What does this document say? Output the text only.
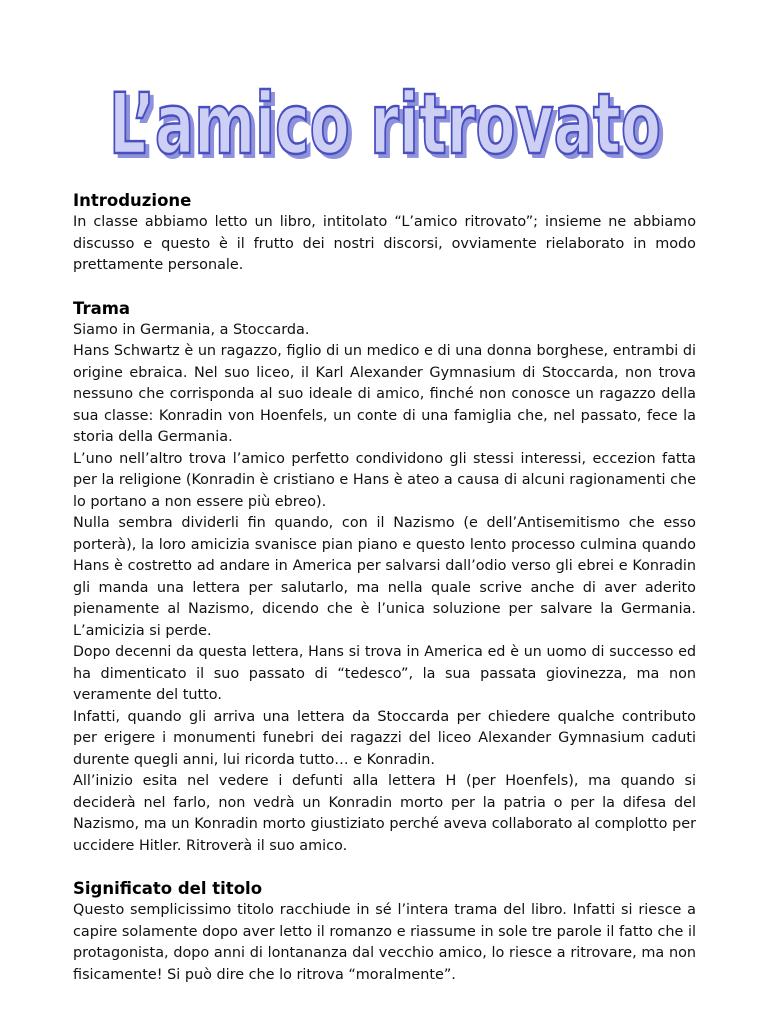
L’amico ritrovato
L’amico ritrovato
Introduzione

In classe abbiamo letto un libro, intitolato “L’amico ritrovato”; insieme ne abbiamo
discusso e questo è il frutto dei nostri discorsi, ovviamente rielaborato in modo
prettamente personale.

Trama

Siamo in Germania, a Stoccarda.

Hans Schwartz è un ragazzo, figlio di un medico e di una donna borghese, entrambi di
origine ebraica. Nel suo liceo, il Karl Alexander Gymnasium di Stoccarda, non trova
nessuno che corrisponda al suo ideale di amico, finché non conosce un ragazzo della
sua classe: Konradin von Hoenfels, un conte di una famiglia che, nel passato, fece la
storia della Germania.

L’uno nell’altro trova l’amico perfetto condividono gli stessi interessi, eccezion fatta
per la religione (Konradin è cristiano e Hans è ateo a causa di alcuni ragionamenti che
lo portano a non essere più ebreo).

Nulla sembra dividerli fin quando, con il Nazismo (e dell’Antisemitismo che esso
porterà), la loro amicizia svanisce pian piano e questo lento processo culmina quando
Hans è costretto ad andare in America per salvarsi dall’odio verso gli ebrei e Konradin
gli manda una lettera per salutarlo, ma nella quale scrive anche di aver aderito
pienamente al Nazismo, dicendo che è l’unica soluzione per salvare la Germania.
L’amicizia si perde.

Dopo decenni da questa lettera, Hans si trova in America ed è un uomo di successo ed
ha dimenticato il suo passato di “tedesco”, la sua passata giovinezza, ma non
veramente del tutto.

Infatti, quando gli arriva una lettera da Stoccarda per chiedere qualche contributo
per erigere i monumenti funebri dei ragazzi del liceo Alexander Gymnasium caduti
durente quegli anni, lui ricorda tutto… e Konradin.

All’inizio esita nel vedere i defunti alla lettera H (per Hoenfels), ma quando si
deciderà nel farlo, non vedrà un Konradin morto per la patria o per la difesa del
Nazismo, ma un Konradin morto giustiziato perché aveva collaborato al complotto per
uccidere Hitler. Ritroverà il suo amico.

Significato del titolo

Questo semplicissimo titolo racchiude in sé l’intera trama del libro. Infatti si riesce a
capire solamente dopo aver letto il romanzo e riassume in sole tre parole il fatto che il
protagonista, dopo anni di lontananza dal vecchio amico, lo riesce a ritrovare, ma non
fisicamente! Si può dire che lo ritrova “moralmente”.
